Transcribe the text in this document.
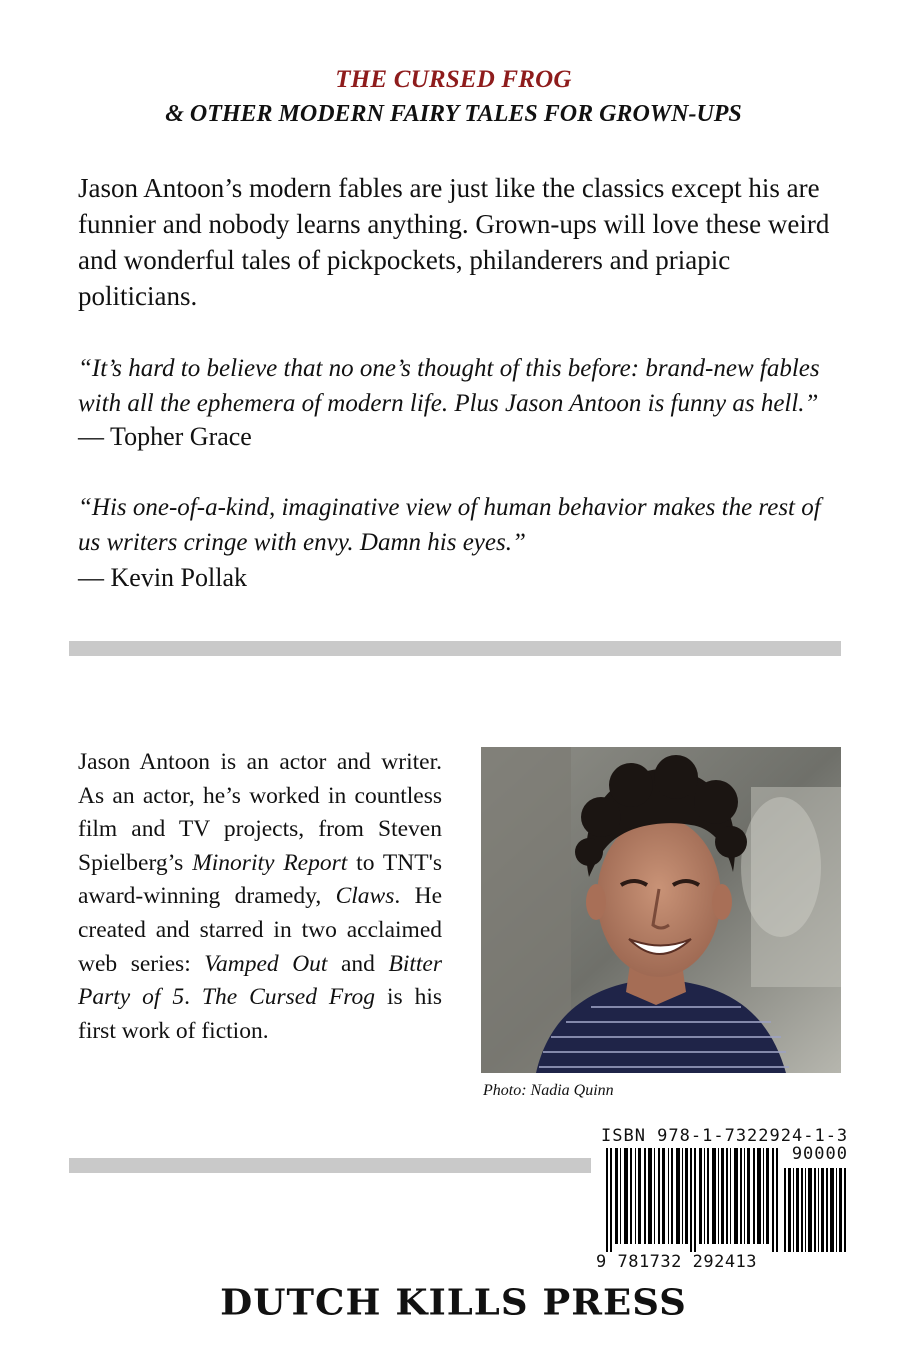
THE CURSED FROG
& OTHER MODERN FAIRY TALES FOR GROWN-UPS

Jason Antoon’s modern fables are just like the classics except his are funnier and nobody learns anything. Grown-ups will love these weird and wonderful tales of pickpockets, philanderers and priapic politicians.

“It’s hard to believe that no one’s thought of this before: brand-new fables with all the ephemera of modern life. Plus Jason Antoon is funny as hell.”

— Topher Grace

“His one-of-a-kind, imaginative view of human behavior makes the rest of us writers cringe with envy. Damn his eyes.”

— Kevin Pollak

Jason Antoon is an actor and writer. As an actor, he’s worked in countless film and TV projects, from Steven Spielberg’s Minority Report to TNT's award-winning dramedy, Claws. He created and starred in two acclaimed web series: Vamped Out and Bitter Party of 5. The Cursed Frog is his first work of fiction.

Photo: Nadia Quinn
ISBN 978-1-7322924-1-3
90000
9 781732 292413
DUTCH KILLS PRESS
